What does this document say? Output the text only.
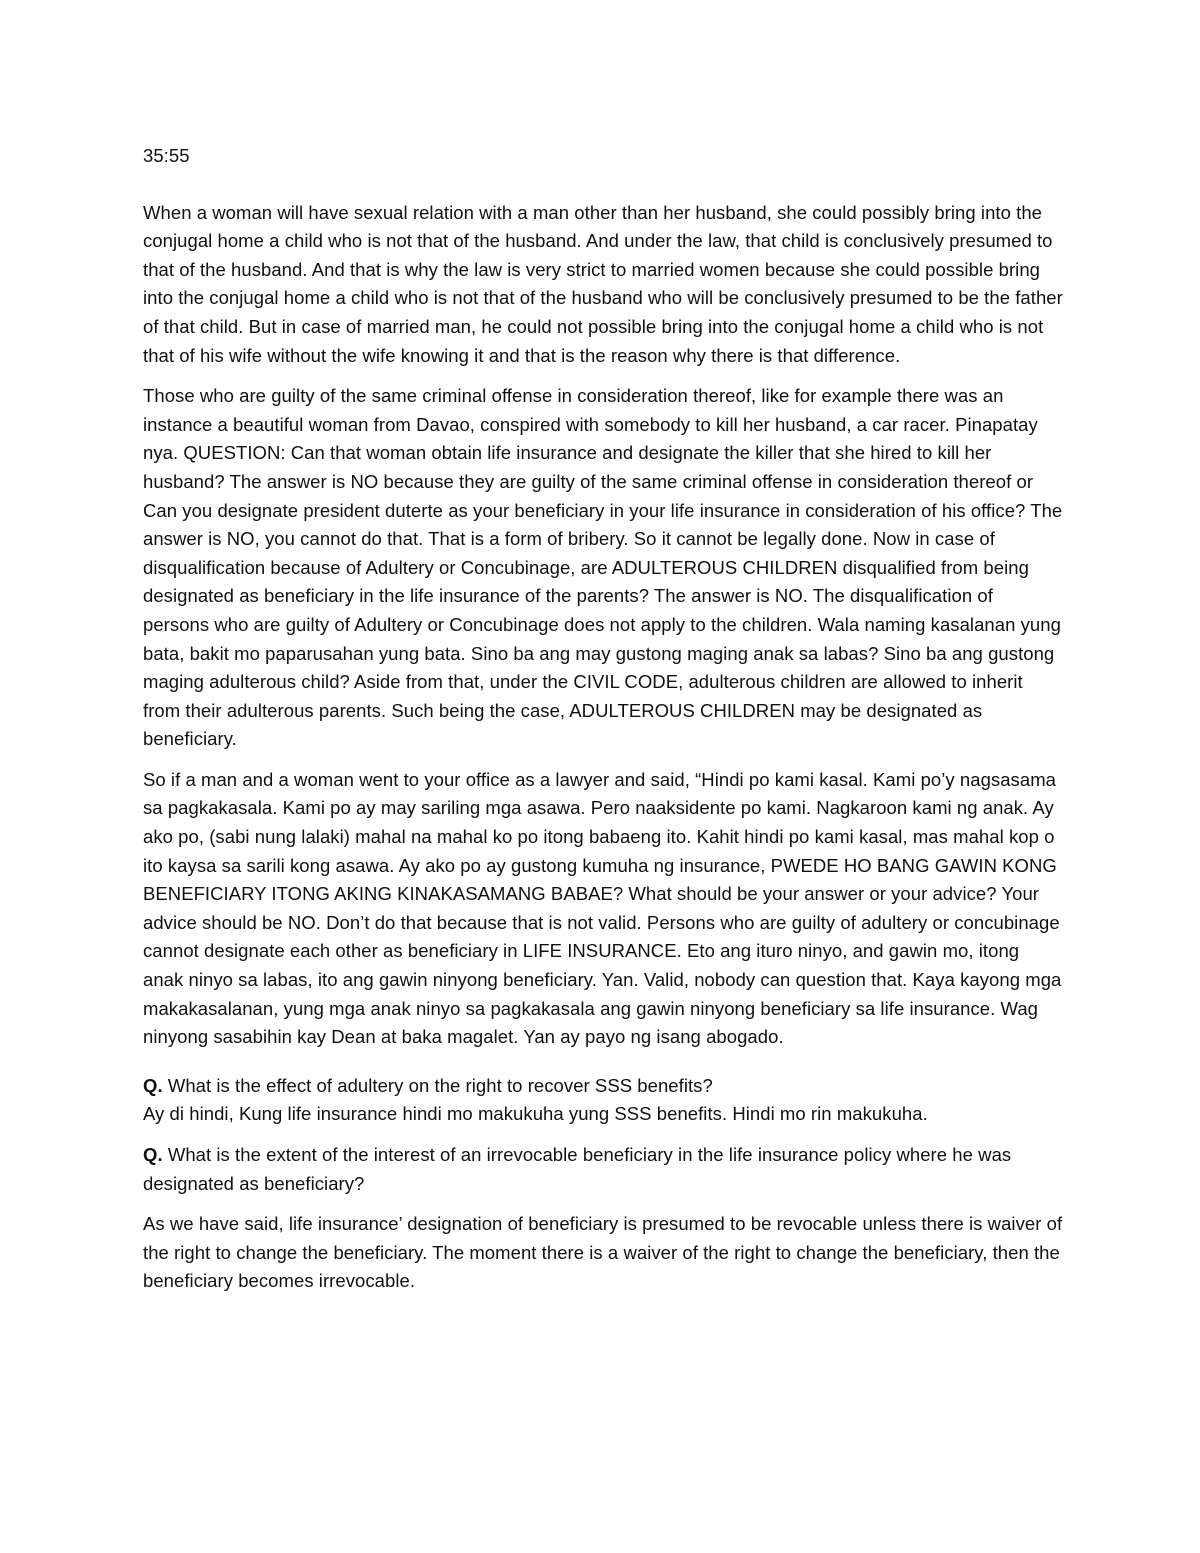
35:55

When a woman will have sexual relation with a man other than her husband, she could possibly bring into the conjugal home a child who is not that of the husband. And under the law, that child is conclusively presumed to that of the husband. And that is why the law is very strict to married women because she could possible bring into the conjugal home a child who is not that of the husband who will be conclusively presumed to be the father of that child. But in case of married man, he could not possible bring into the conjugal home a child who is not that of his wife without the wife knowing it and that is the reason why there is that difference.

Those who are guilty of the same criminal offense in consideration thereof, like for example there was an instance a beautiful woman from Davao, conspired with somebody to kill her husband, a car racer. Pinapatay nya. QUESTION: Can that woman obtain life insurance and designate the killer that she hired to kill her husband? The answer is NO because they are guilty of the same criminal offense in consideration thereof or Can you designate president duterte as your beneficiary in your life insurance in consideration of his office? The answer is NO, you cannot do that. That is a form of bribery. So it cannot be legally done. Now in case of disqualification because of Adultery or Concubinage, are ADULTEROUS CHILDREN disqualified from being designated as beneficiary in the life insurance of the parents? The answer is NO. The disqualification of persons who are guilty of Adultery or Concubinage does not apply to the children. Wala naming kasalanan yung bata, bakit mo paparusahan yung bata. Sino ba ang may gustong maging anak sa labas? Sino ba ang gustong maging adulterous child? Aside from that, under the CIVIL CODE, adulterous children are allowed to inherit from their adulterous parents. Such being the case, ADULTEROUS CHILDREN may be designated as beneficiary.

So if a man and a woman went to your office as a lawyer and said, “Hindi po kami kasal. Kami po’y nagsasama sa pagkakasala. Kami po ay may sariling mga asawa. Pero naaksidente po kami. Nagkaroon kami ng anak. Ay ako po, (sabi nung lalaki) mahal na mahal ko po itong babaeng ito. Kahit hindi po kami kasal, mas mahal kop o ito kaysa sa sarili kong asawa. Ay ako po ay gustong kumuha ng insurance, PWEDE HO BANG GAWIN KONG BENEFICIARY ITONG AKING KINAKASAMANG BABAE? What should be your answer or your advice? Your advice should be NO. Don’t do that because that is not valid. Persons who are guilty of adultery or concubinage cannot designate each other as beneficiary in LIFE INSURANCE. Eto ang ituro ninyo, and gawin mo, itong anak ninyo sa labas, ito ang gawin ninyong beneficiary. Yan. Valid, nobody can question that. Kaya kayong mga makakasalanan, yung mga anak ninyo sa pagkakasala ang gawin ninyong beneficiary sa life insurance. Wag ninyong sasabihin kay Dean at baka magalet. Yan ay payo ng isang abogado.

Q. What is the effect of adultery on the right to recover SSS benefits?

Ay di hindi, Kung life insurance hindi mo makukuha yung SSS benefits. Hindi mo rin makukuha.

Q. What is the extent of the interest of an irrevocable beneficiary in the life insurance policy where he was designated as beneficiary?

As we have said, life insurance’ designation of beneficiary is presumed to be revocable unless there is waiver of the right to change the beneficiary. The moment there is a waiver of the right to change the beneficiary, then the beneficiary becomes irrevocable.
